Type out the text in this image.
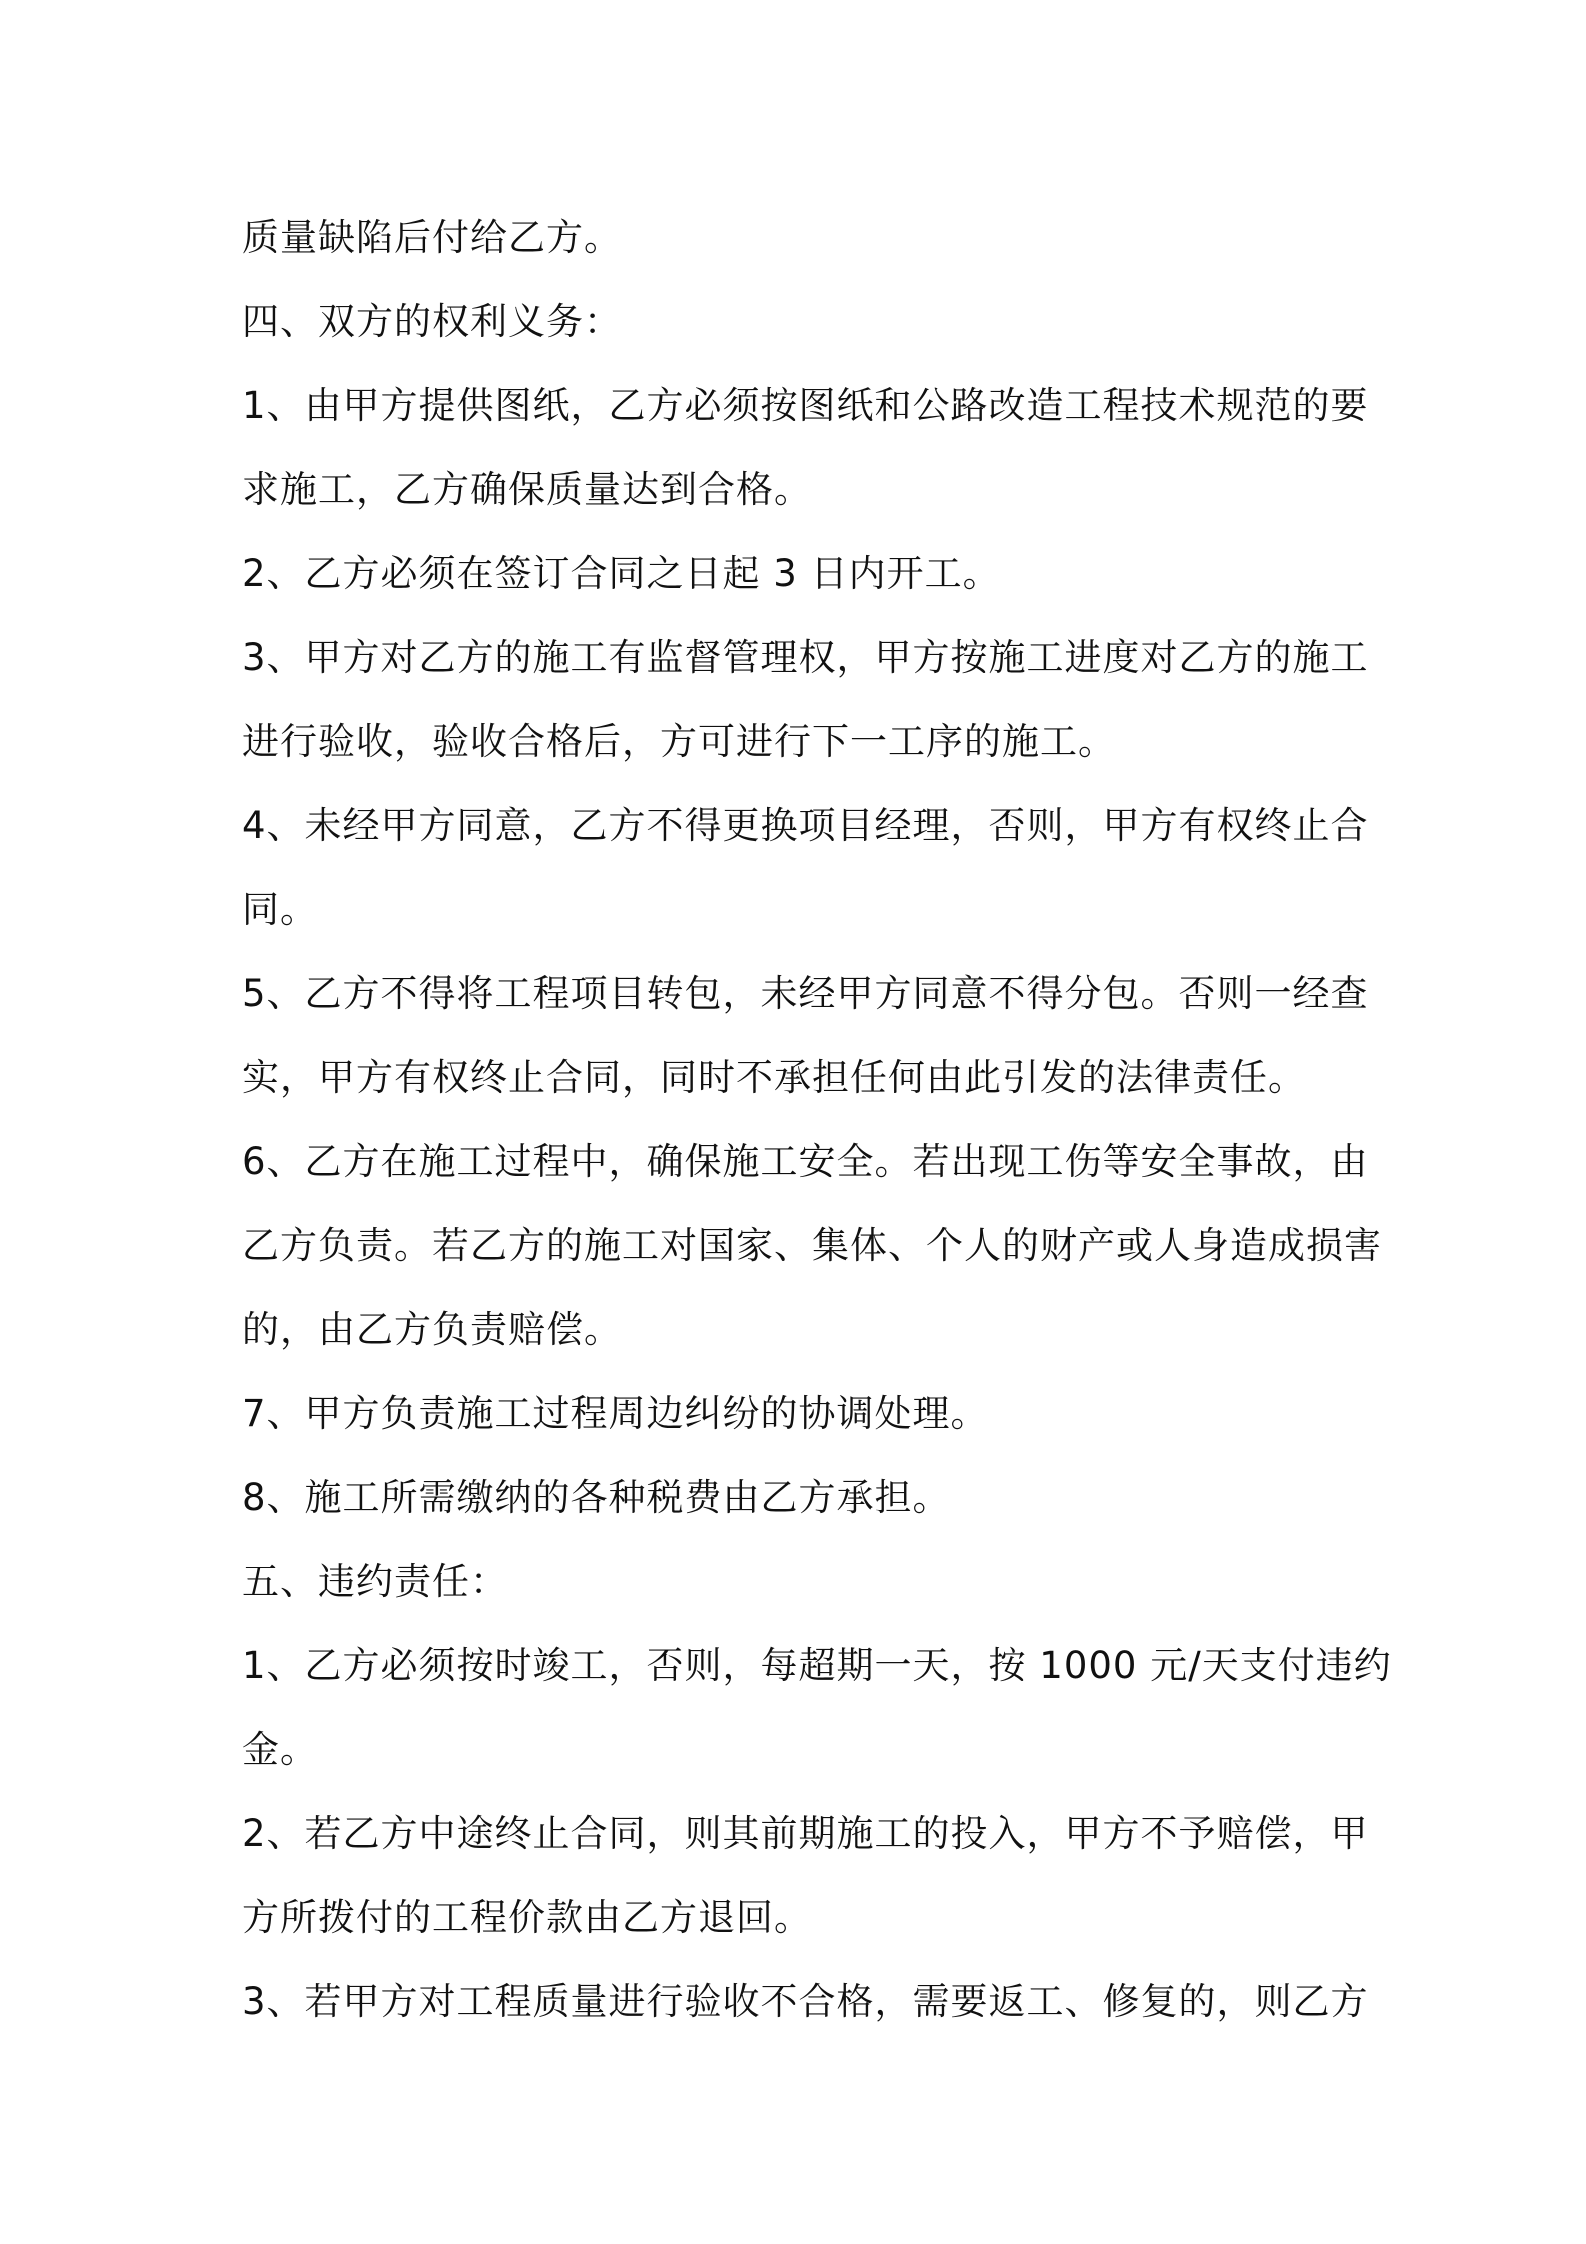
质量缺陷后付给乙方。
四、双方的权利义务：
1、由甲方提供图纸，乙方必须按图纸和公路改造工程技术规范的要
求施工，乙方确保质量达到合格。
2、乙方必须在签订合同之日起 3 日内开工。
3、甲方对乙方的施工有监督管理权，甲方按施工进度对乙方的施工
进行验收，验收合格后，方可进行下一工序的施工。
4、未经甲方同意，乙方不得更换项目经理，否则，甲方有权终止合
同。
5、乙方不得将工程项目转包，未经甲方同意不得分包。否则一经查
实，甲方有权终止合同，同时不承担任何由此引发的法律责任。
6、乙方在施工过程中，确保施工安全。若出现工伤等安全事故，由
乙方负责。若乙方的施工对国家、集体、个人的财产或人身造成损害
的，由乙方负责赔偿。
7、甲方负责施工过程周边纠纷的协调处理。
8、施工所需缴纳的各种税费由乙方承担。
五、违约责任：
1、乙方必须按时竣工，否则，每超期一天，按 1000 元/天支付违约
金。
2、若乙方中途终止合同，则其前期施工的投入，甲方不予赔偿，甲
方所拨付的工程价款由乙方退回。
3、若甲方对工程质量进行验收不合格，需要返工、修复的，则乙方
